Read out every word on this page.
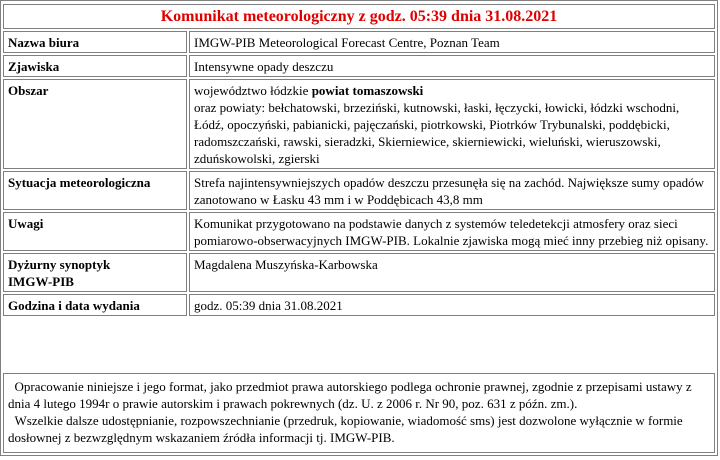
Komunikat meteorologiczny z godz. 05:39 dnia 31.08.2021	
Nazwa biura	IMGW-PIB Meteorological Forecast Centre, Poznan Team
Zjawiska	Intensywne opady deszczu
Obszar	województwo łódzkie powiat tomaszowski
oraz powiaty: bełchatowski, brzeziński, kutnowski, łaski, łęczycki, łowicki, łódzki wschodni, Łódź, opoczyński, pabianicki, pajęczański, piotrkowski, Piotrków Trybunalski, poddębicki, radomszczański, rawski, sieradzki, Skierniewice, skierniewicki, wieluński, wieruszowski, zduńskowolski, zgierski
Sytuacja meteorologiczna	Strefa najintensywniejszych opadów deszczu przesunęła się na zachód. Największe sumy opadów zanotowano w Łasku 43 mm i w Poddębicach 43,8 mm
Uwagi	Komunikat przygotowano na podstawie danych z systemów teledetekcji atmosfery oraz sieci pomiarowo-obserwacyjnych IMGW-PIB. Lokalnie zjawiska mogą mieć inny przebieg niż opisany.
Dyżurny synoptyk
IMGW-PIB	Magdalena Muszyńska-Karbowska
Godzina i data wydania	godz. 05:39 dnia 31.08.2021

Opracowanie niniejsze i jego format, jako przedmiot prawa autorskiego podlega ochronie prawnej, zgodnie z przepisami ustawy z dnia 4 lutego 1994r o prawie autorskim i prawach pokrewnych (dz. U. z 2006 r. Nr 90, poz. 631 z późn. zm.).

Wszelkie dalsze udostępnianie, rozpowszechnianie (przedruk, kopiowanie, wiadomość sms) jest dozwolone wyłącznie w formie dosłownej z bezwzględnym wskazaniem źródła informacji tj. IMGW-PIB.
